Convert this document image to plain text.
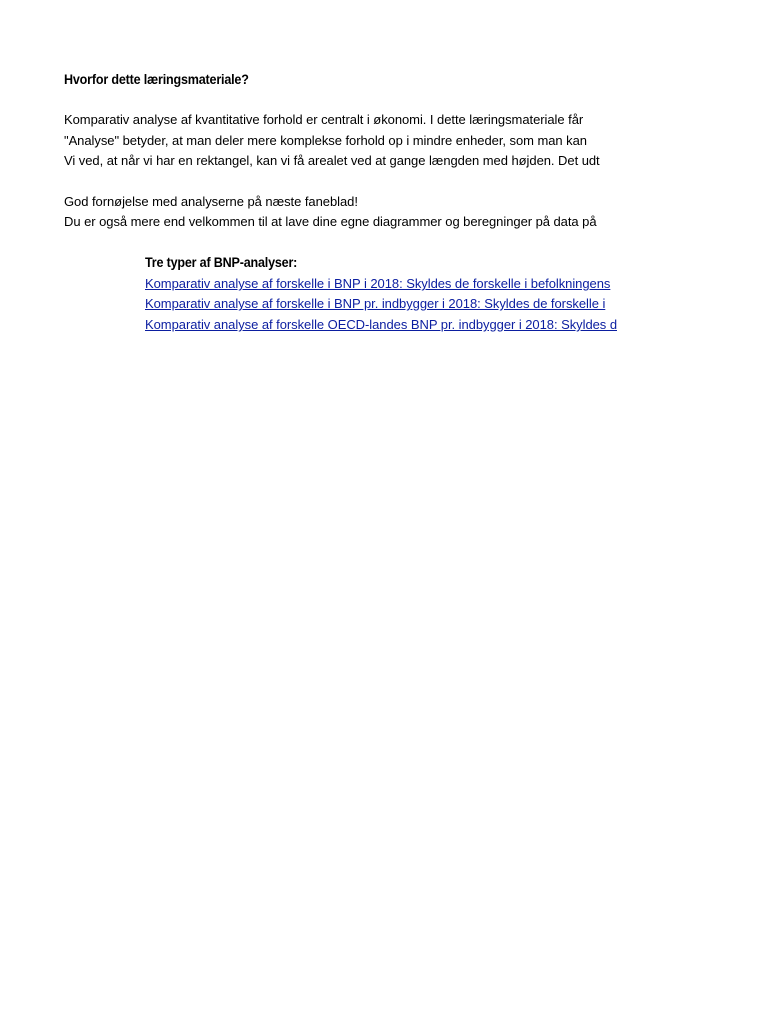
Hvorfor dette læringsmateriale?
Komparativ analyse af kvantitative forhold er centralt i økonomi. I dette læringsmateriale får
"Analyse" betyder, at man deler mere komplekse forhold op i mindre enheder, som man kan
Vi ved, at når vi har en rektangel, kan vi få arealet ved at gange længden med højden. Det udt
God fornøjelse med analyserne på næste faneblad!
Du er også mere end velkommen til at lave dine egne diagrammer og beregninger på data på
Tre typer af BNP-analyser:
Komparativ analyse af forskelle i BNP i 2018: Skyldes de forskelle i befolkningens
Komparativ analyse af forskelle i BNP pr. indbygger i 2018: Skyldes de forskelle i
Komparativ analyse af forskelle OECD-landes BNP pr. indbygger i 2018: Skyldes d
